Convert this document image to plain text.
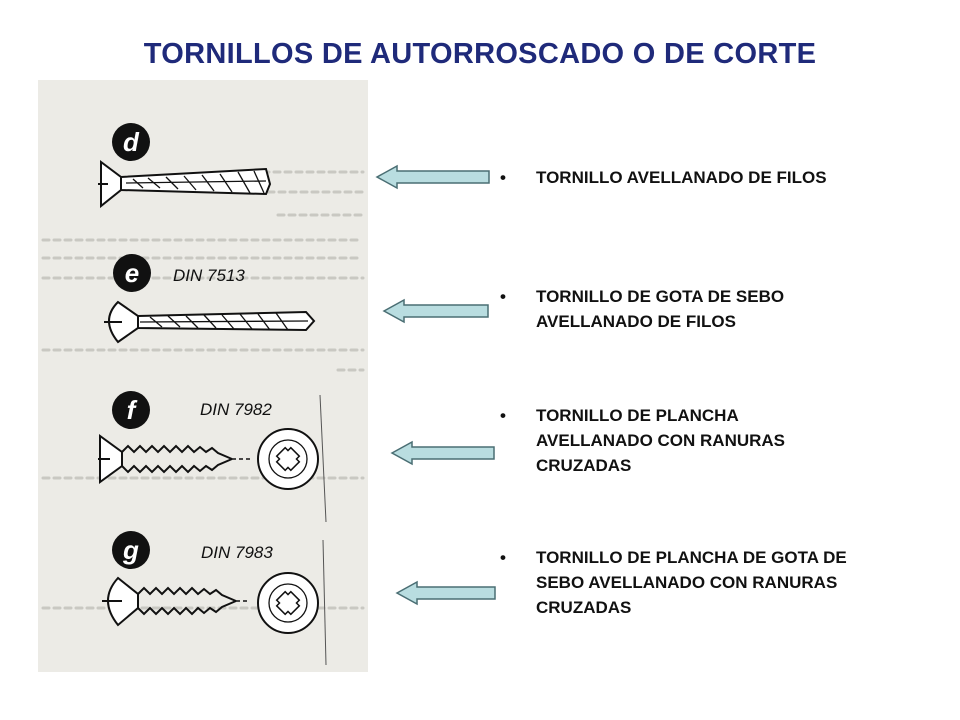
TORNILLOS DE AUTORROSCADO O DE CORTE
d
e DIN 7513
f	DIN 7982
g	DIN 7983
• TORNILLO AVELLANADO DE FILOS
• TORNILLO DE GOTA DE SEBO AVELLANADO DE FILOS
• TORNILLO DE PLANCHA AVELLANADO CON RANURAS CRUZADAS
• TORNILLO DE PLANCHA DE GOTA DE SEBO AVELLANADO CON RANURAS CRUZADAS
